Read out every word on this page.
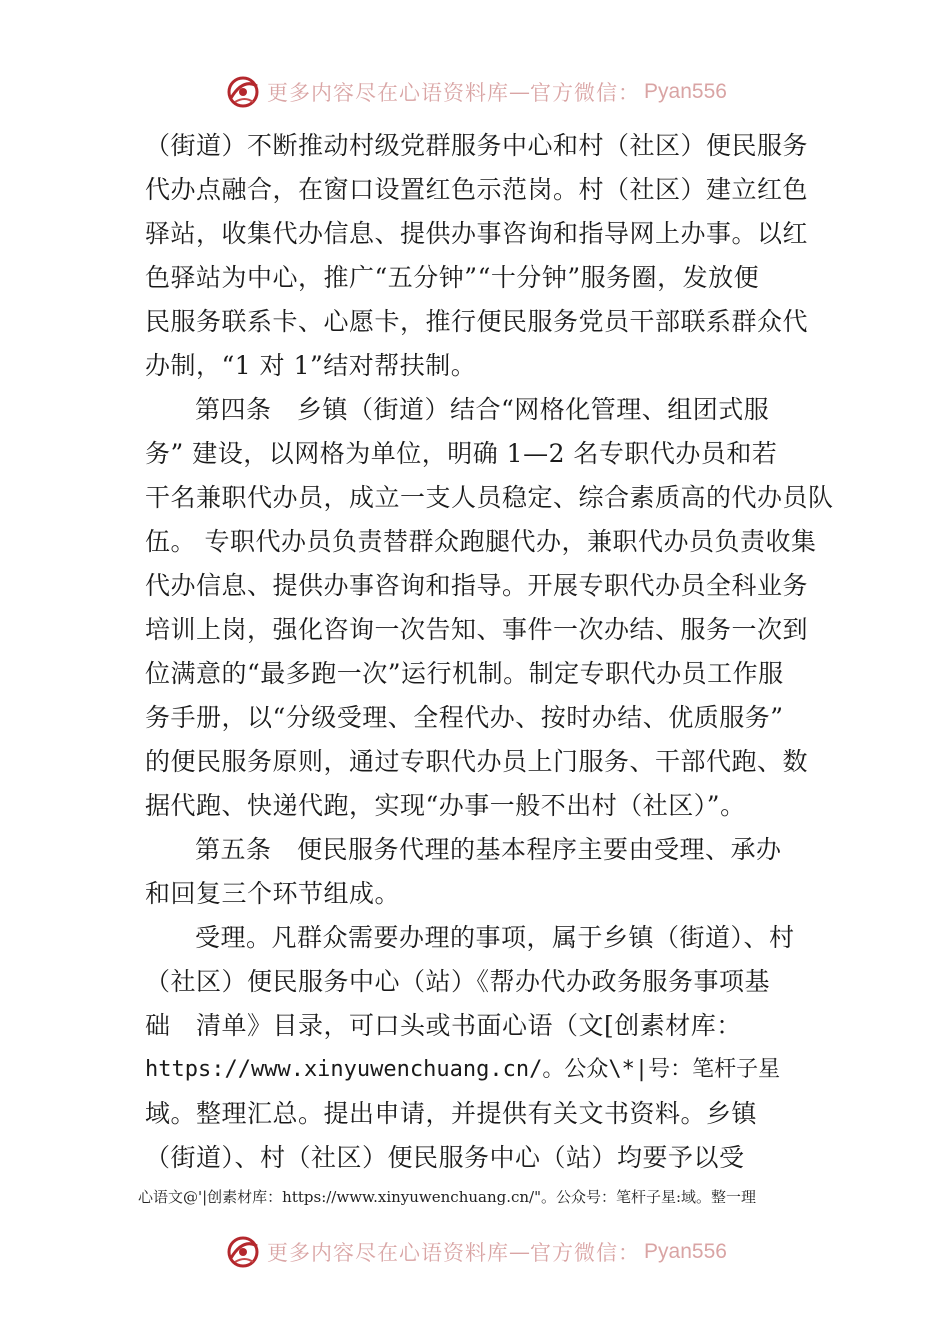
更多内容尽在心语资料库 — 官方微信： Pyan556
（街道）不断推动村级党群服务中心和村（社区）便民服务
代办点融合，在窗口设置红色示范岗。村（社区）建立红色
驿站，收集代办信息、提供办事咨询和指导网上办事。以红
色驿站为中心，推广“五分钟”“十分钟”服务圈，发放便
民服务联系卡、心愿卡，推行便民服务党员干部联系群众代
办制，“1 对 1”结对帮扶制。
第四条　乡镇（街道）结合“网格化管理、组团式服
务” 建设，以网格为单位，明确 1—2 名专职代办员和若
干名兼职代办员，成立一支人员稳定、综合素质高的代办员队
伍。 专职代办员负责替群众跑腿代办，兼职代办员负责收集
代办信息、提供办事咨询和指导。开展专职代办员全科业务
培训上岗，强化咨询一次告知、事件一次办结、服务一次到
位满意的“最多跑一次”运行机制。制定专职代办员工作服
务手册，以“分级受理、全程代办、按时办结、优质服务”
的便民服务原则，通过专职代办员上门服务、干部代跑、数
据代跑、快递代跑，实现“办事一般不出村（社区）”。
第五条　便民服务代理的基本程序主要由受理、承办
和回复三个环节组成。
受理。凡群众需要办理的事项，属于乡镇（街道）、村
（社区）便民服务中心（站）《帮办代办政务服务事项基
础　清单》目录，可口头或书面心语（文[创素材库：
https://www.xinyuwenchuang.cn/。公众\*|号：笔杆子星
域。整理汇总。提出申请，并提供有关文书资料。乡镇
（街道）、村（社区）便民服务中心（站）均要予以受
心语文@'|创素材库：https://www.xinyuwenchuang.cn/"。公众号：笔杆子星:域。整一理
更多内容尽在心语资料库 — 官方微信： Pyan556
